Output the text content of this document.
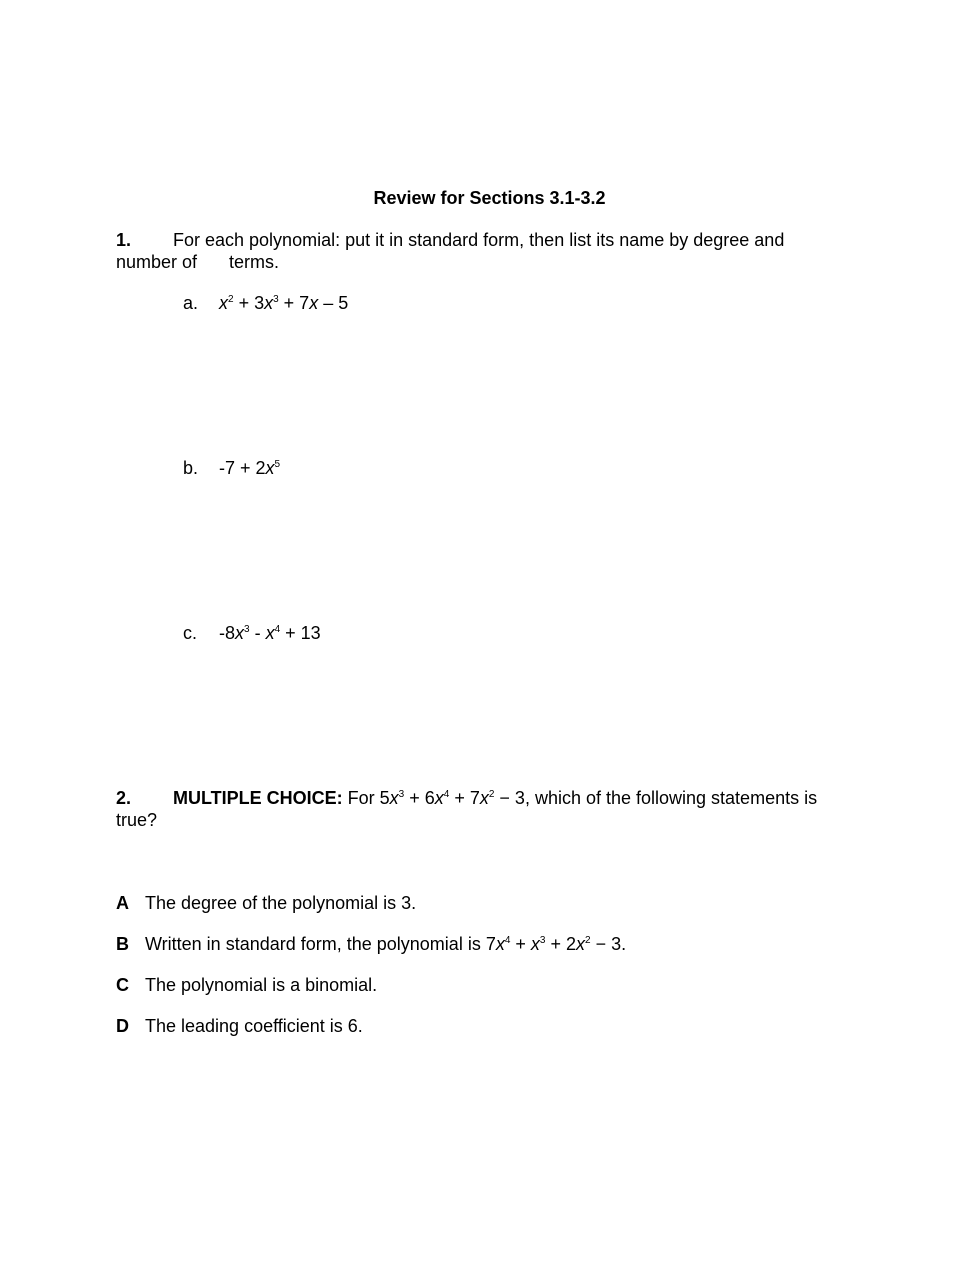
Review for Sections 3.1-3.2
1. For each polynomial: put it in standard form, then list its name by degree and
number of terms.
a. $x^2 + 3x^3 + 7x - 5$
b. $-7 + 2x^5$
c. $-8x^3 - x^4 + 13$
2. MULTIPLE CHOICE: For $5x^3 + 6x^4 + 7x^2 - 3$, which of the following statements is
true?
A The degree of the polynomial is 3.
B Written in standard form, the polynomial is $7x^4 + x^3 + 2x^2 - 3$.
C The polynomial is a binomial.
D The leading coefficient is 6.
